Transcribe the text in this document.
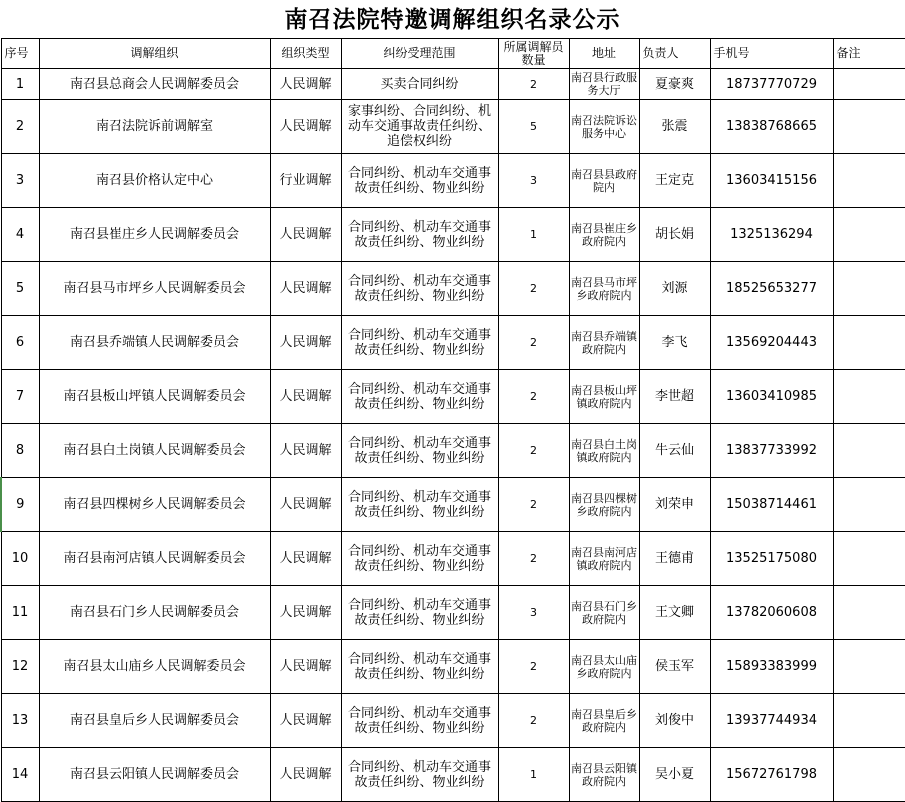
南召法院特邀调解组织名录公示
序号	调解组织	组织类型	纠纷受理范围	所属调解员数量	地址	负责人	手机号	备注
1	南召县总商会人民调解委员会	人民调解	买卖合同纠纷	2	南召县行政服务大厅	夏豪爽	18737770729	
2	南召法院诉前调解室	人民调解	家事纠纷、合同纠纷、机动车交通事故责任纠纷、追偿权纠纷	5	南召法院诉讼服务中心	张震	13838768665	
3	南召县价格认定中心	行业调解	合同纠纷、机动车交通事故责任纠纷、物业纠纷	3	南召县县政府院内	王定克	13603415156	
4	南召县崔庄乡人民调解委员会	人民调解	合同纠纷、机动车交通事故责任纠纷、物业纠纷	1	南召县崔庄乡政府院内	胡长娟	1325136294	
5	南召县马市坪乡人民调解委员会	人民调解	合同纠纷、机动车交通事故责任纠纷、物业纠纷	2	南召县马市坪乡政府院内	刘源	18525653277	
6	南召县乔端镇人民调解委员会	人民调解	合同纠纷、机动车交通事故责任纠纷、物业纠纷	2	南召县乔端镇政府院内	李飞	13569204443	
7	南召县板山坪镇人民调解委员会	人民调解	合同纠纷、机动车交通事故责任纠纷、物业纠纷	2	南召县板山坪镇政府院内	李世超	13603410985	
8	南召县白土岗镇人民调解委员会	人民调解	合同纠纷、机动车交通事故责任纠纷、物业纠纷	2	南召县白土岗镇政府院内	牛云仙	13837733992	
9	南召县四棵树乡人民调解委员会	人民调解	合同纠纷、机动车交通事故责任纠纷、物业纠纷	2	南召县四棵树乡政府院内	刘荣申	15038714461	
10	南召县南河店镇人民调解委员会	人民调解	合同纠纷、机动车交通事故责任纠纷、物业纠纷	2	南召县南河店镇政府院内	王德甫	13525175080	
11	南召县石门乡人民调解委员会	人民调解	合同纠纷、机动车交通事故责任纠纷、物业纠纷	3	南召县石门乡政府院内	王文卿	13782060608	
12	南召县太山庙乡人民调解委员会	人民调解	合同纠纷、机动车交通事故责任纠纷、物业纠纷	2	南召县太山庙乡政府院内	侯玉军	15893383999	
13	南召县皇后乡人民调解委员会	人民调解	合同纠纷、机动车交通事故责任纠纷、物业纠纷	2	南召县皇后乡政府院内	刘俊中	13937744934	
14	南召县云阳镇人民调解委员会	人民调解	合同纠纷、机动车交通事故责任纠纷、物业纠纷	1	南召县云阳镇政府院内	吴小夏	15672761798	
